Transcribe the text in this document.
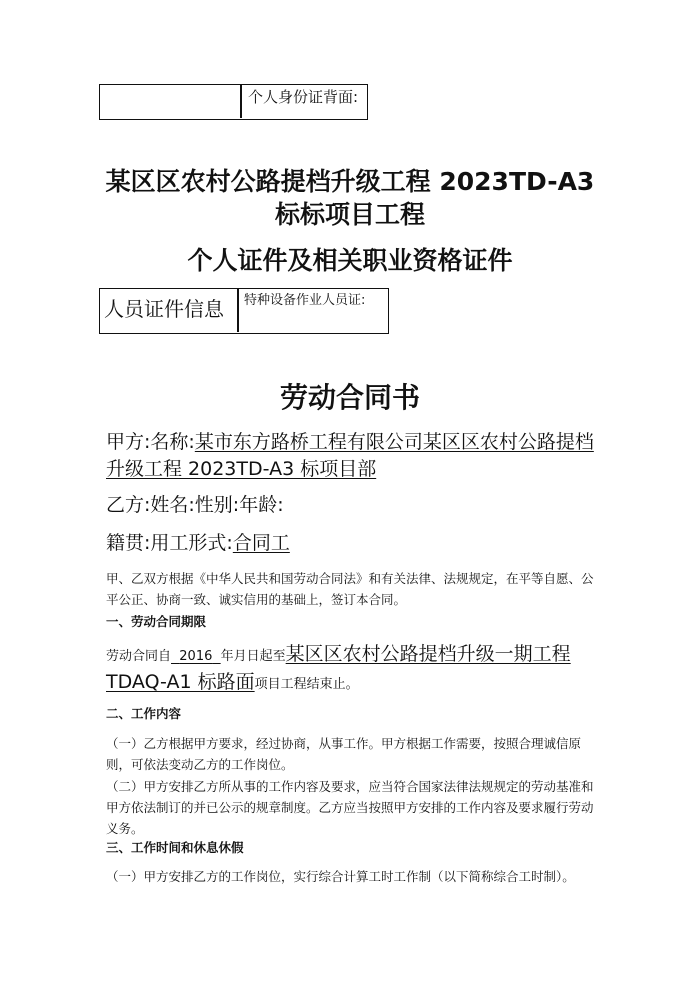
个人身份证背面:
某区区农村公路提档升级工程 2023TD-A3
标标项目工程
个人证件及相关职业资格证件
人员证件信息 特种设备作业人员证:
劳动合同书
甲方:名称:某市东方路桥工程有限公司某区区农村公路提档
升级工程 2023TD-A3 标项目部
乙方:姓名:性别:年龄:
籍贯:用工形式:合同工
甲、乙双方根据《中华人民共和国劳动合同法》和有关法律、法规规定，在平等自愿、公平公正、协商一致、诚实信用的基础上，签订本合同。
一、劳动合同期限
劳动合同自 2016 年月日起至某区区农村公路提档升级一期工程
TDAQ-A1 标路面项目工程结束止。
二、工作内容
（一）乙方根据甲方要求，经过协商，从事工作。甲方根据工作需要，按照合理诚信原则，可依法变动乙方的工作岗位。
（二）甲方安排乙方所从事的工作内容及要求，应当符合国家法律法规规定的劳动基准和甲方依法制订的并已公示的规章制度。乙方应当按照甲方安排的工作内容及要求履行劳动义务。
三、工作时间和休息休假
（一）甲方安排乙方的工作岗位，实行综合计算工时工作制（以下简称综合工时制）。
